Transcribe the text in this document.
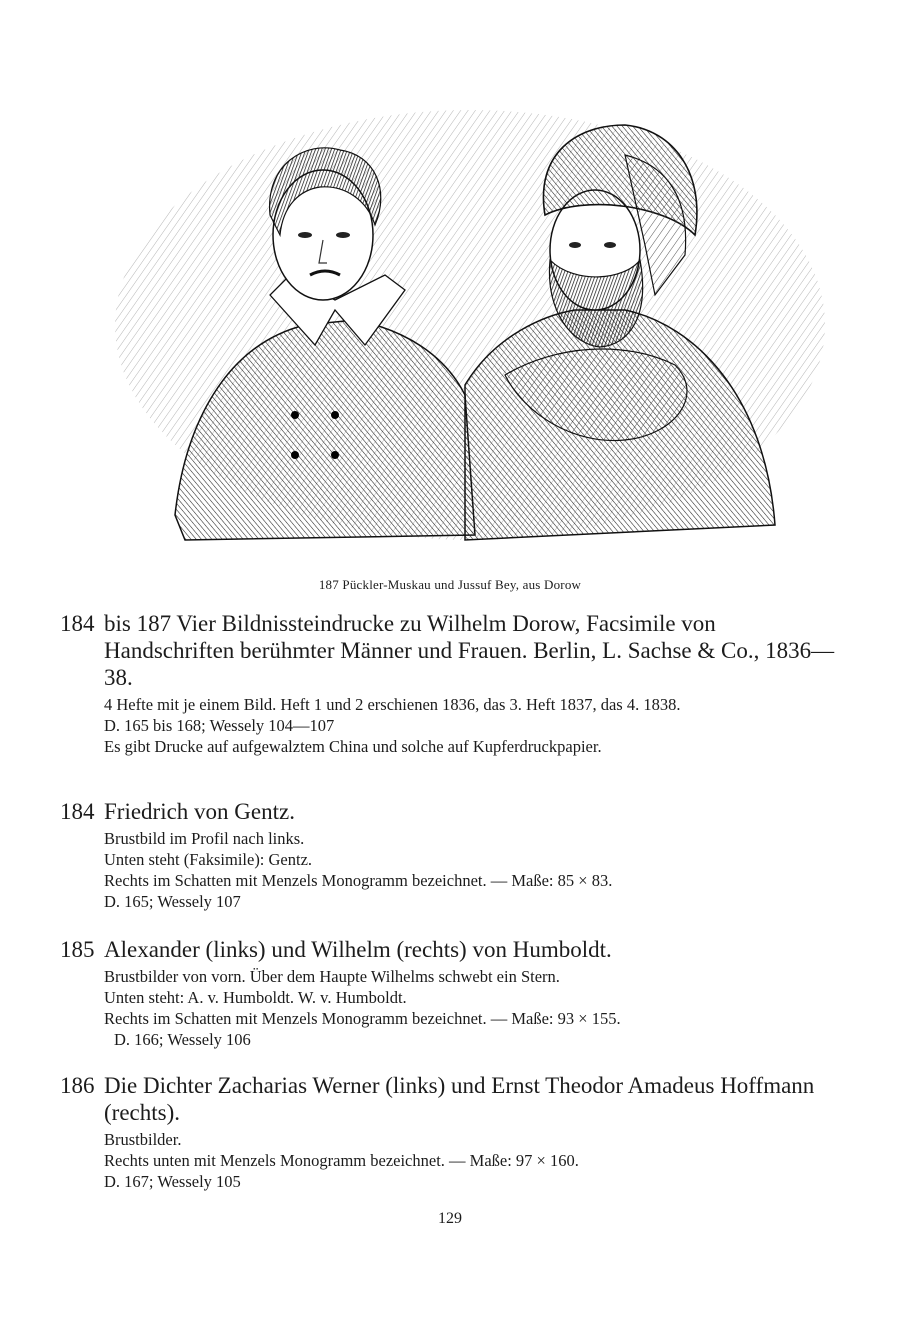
187 Pückler-Muskau und Jussuf Bey, aus Dorow
184 bis 187 Vier Bildnissteindrucke zu Wilhelm Dorow, Facsimile von Handschriften berühmter Männer und Frauen. Berlin, L. Sachse & Co., 1836—38.
4 Hefte mit je einem Bild. Heft 1 und 2 erschienen 1836, das 3. Heft 1837, das 4. 1838.
D. 165 bis 168; Wessely 104—107
Es gibt Drucke auf aufgewalztem China und solche auf Kupferdruckpapier.
184 Friedrich von Gentz.
Brustbild im Profil nach links.
Unten steht (Faksimile): Gentz.
Rechts im Schatten mit Menzels Monogramm bezeichnet. — Maße: 85 × 83.
D. 165; Wessely 107
185 Alexander (links) und Wilhelm (rechts) von Humboldt.
Brustbilder von vorn. Über dem Haupte Wilhelms schwebt ein Stern.
Unten steht: A. v. Humboldt. W. v. Humboldt.
Rechts im Schatten mit Menzels Monogramm bezeichnet. — Maße: 93 × 155.
D. 166; Wessely 106
186 Die Dichter Zacharias Werner (links) und Ernst Theodor Amadeus Hoffmann (rechts).
Brustbilder.
Rechts unten mit Menzels Monogramm bezeichnet. — Maße: 97 × 160.
D. 167; Wessely 105
129
